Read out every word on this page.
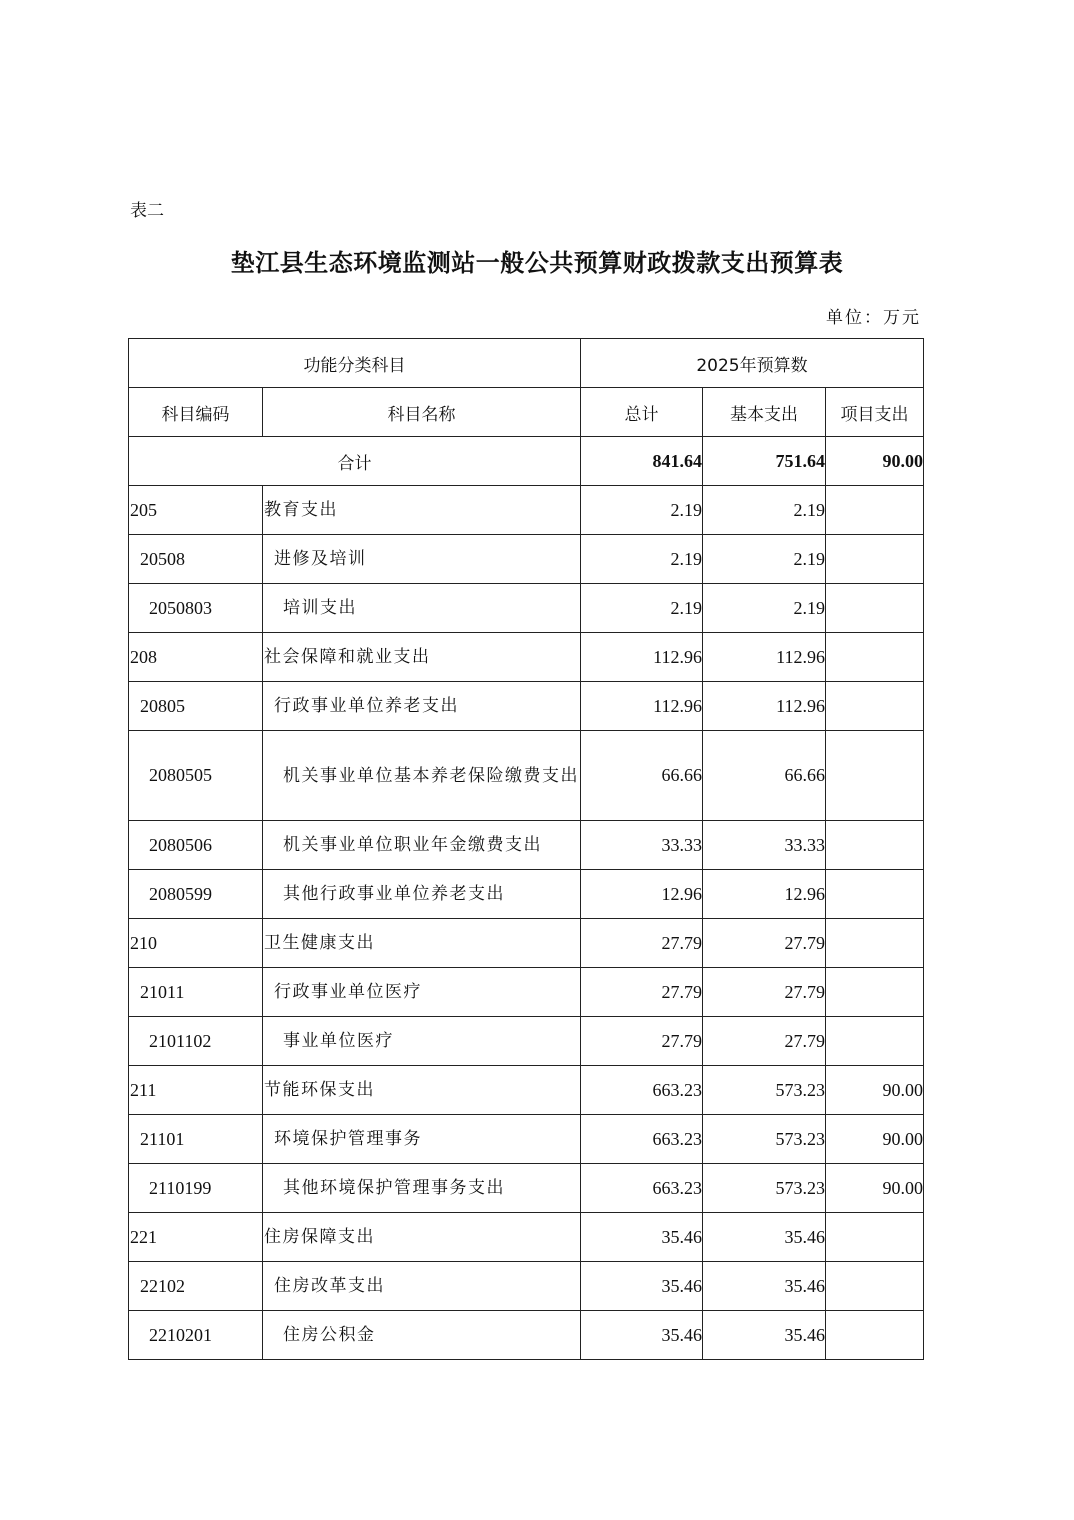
表二
垫江县生态环境监测站一般公共预算财政拨款支出预算表
单位：万元
功能分类科目		2025年预算数		
科目编码	科目名称	总计	基本支出	项目支出
合计		841.64	751.64	90.00
205	教育支出	2.19	2.19	
20508	进修及培训	2.19	2.19	
2050803	培训支出	2.19	2.19	
208	社会保障和就业支出	112.96	112.96	
20805	行政事业单位养老支出	112.96	112.96	
2080505	机关事业单位基本养老保险缴费支出	66.66	66.66	
2080506	机关事业单位职业年金缴费支出	33.33	33.33	
2080599	其他行政事业单位养老支出	12.96	12.96	
210	卫生健康支出	27.79	27.79	
21011	行政事业单位医疗	27.79	27.79	
2101102	事业单位医疗	27.79	27.79	
211	节能环保支出	663.23	573.23	90.00
21101	环境保护管理事务	663.23	573.23	90.00
2110199	其他环境保护管理事务支出	663.23	573.23	90.00
221	住房保障支出	35.46	35.46	
22102	住房改革支出	35.46	35.46	
2210201	住房公积金	35.46	35.46	
